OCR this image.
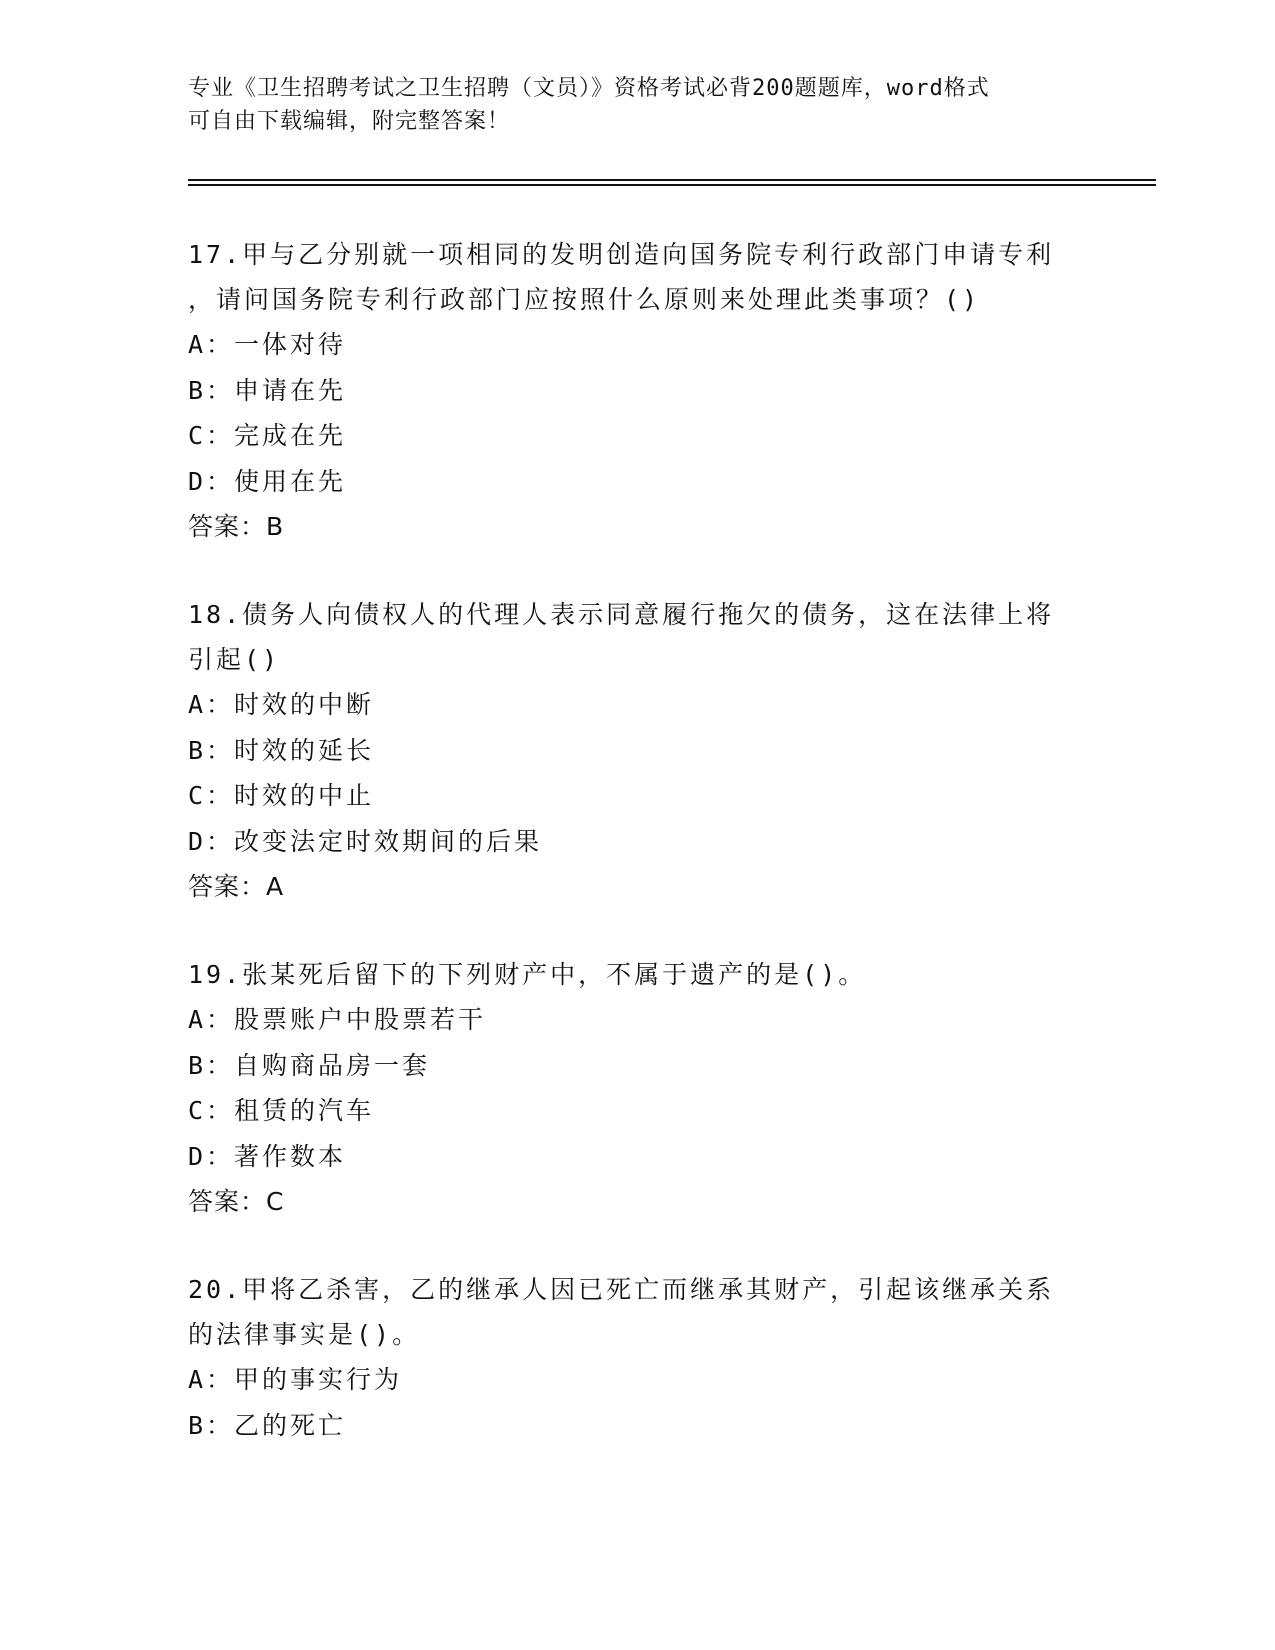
专业《卫生招聘考试之卫生招聘（文员）》资格考试必背200题题库，word格式
可自由下载编辑，附完整答案！
17.甲与乙分别就一项相同的发明创造向国务院专利行政部门申请专利
，请问国务院专利行政部门应按照什么原则来处理此类事项？()
A：一体对待
B：申请在先
C：完成在先
D：使用在先
答案：B
18.债务人向债权人的代理人表示同意履行拖欠的债务，这在法律上将
引起()
A：时效的中断
B：时效的延长
C：时效的中止
D：改变法定时效期间的后果
答案：A
19.张某死后留下的下列财产中，不属于遗产的是()。
A：股票账户中股票若干
B：自购商品房一套
C：租赁的汽车
D：著作数本
答案：C
20.甲将乙杀害，乙的继承人因已死亡而继承其财产，引起该继承关系
的法律事实是()。
A：甲的事实行为
B：乙的死亡
